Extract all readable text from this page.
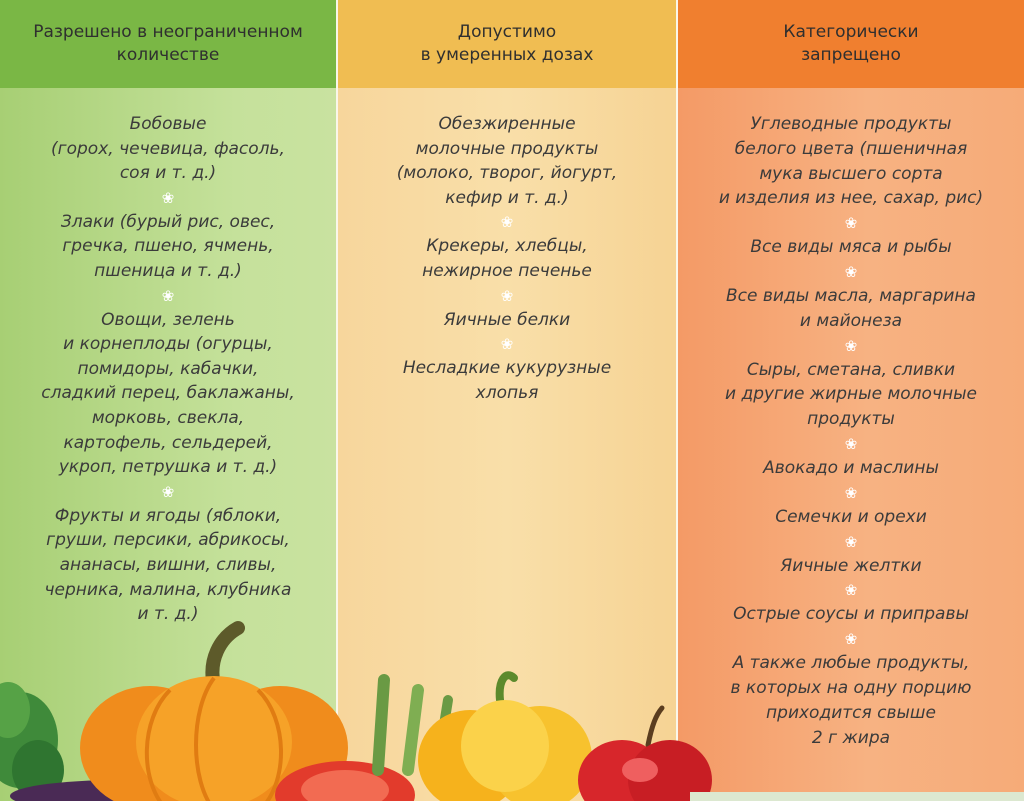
Разрешено в неограниченном
количестве
Бобовые
(горох, чечевица, фасоль,
соя и т. д.)
❀
Злаки (бурый рис, овес,
гречка, пшено, ячмень,
пшеница и т. д.)
❀
Овощи, зелень
и корнеплоды (огурцы,
помидоры, кабачки,
сладкий перец, баклажаны,
морковь, свекла,
картофель, сельдерей,
укроп, петрушка и т. д.)
❀
Фрукты и ягоды (яблоки,
груши, персики, абрикосы,
ананасы, вишни, сливы,
черника, малина, клубника
и т. д.)
Допустимо
в умеренных дозах
Обезжиренные
молочные продукты
(молоко, творог, йогурт,
кефир и т. д.)
❀
Крекеры, хлебцы,
нежирное печенье
❀
Яичные белки
❀
Несладкие кукурузные
хлопья
Категорически
запрещено
Углеводные продукты
белого цвета (пшеничная
мука высшего сорта
и изделия из нее, сахар, рис)
❀
Все виды мяса и рыбы
❀
Все виды масла, маргарина
и майонеза
❀
Сыры, сметана, сливки
и другие жирные молочные
продукты
❀
Авокадо и маслины
❀
Семечки и орехи
❀
Яичные желтки
❀
Острые соусы и приправы
❀
А также любые продукты,
в которых на одну порцию
приходится свыше
2 г жира
